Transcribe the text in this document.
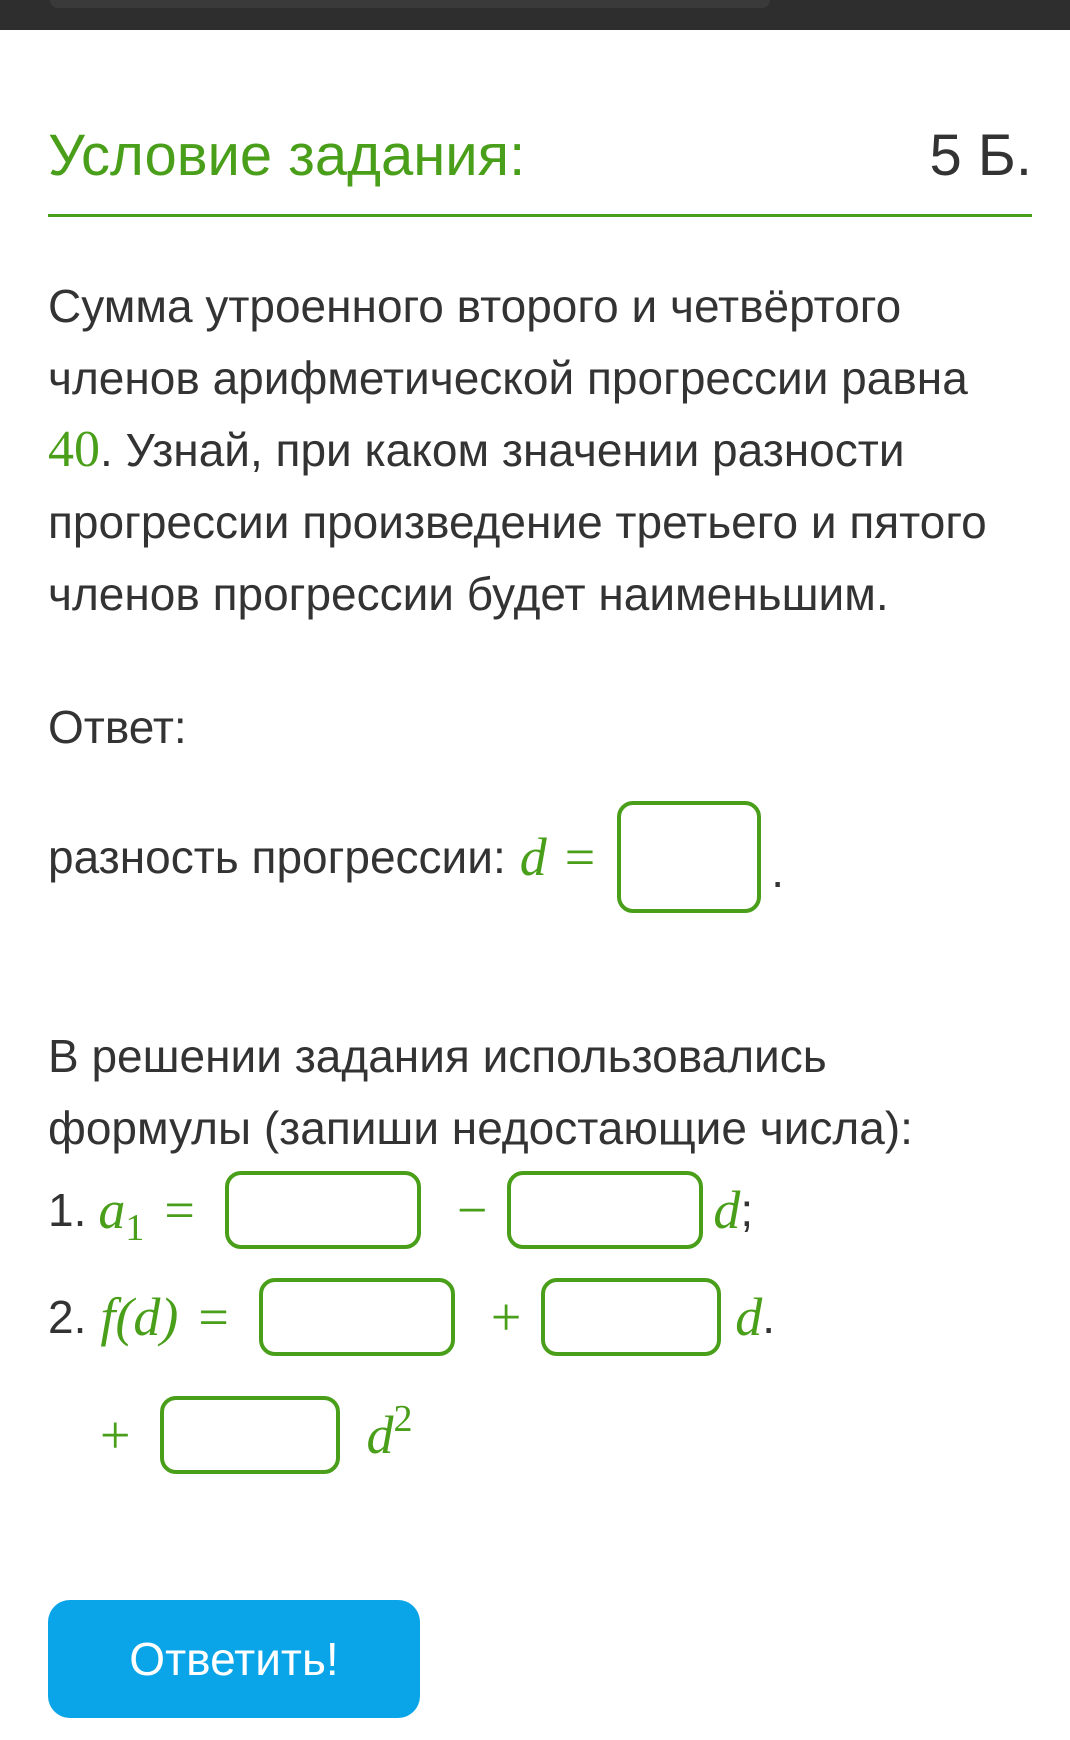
Условие задания:	5 Б.
Сумма утроенного второго и четвёртого членов арифметической прогрессии равна 40. Узнай, при каком значении разности прогрессии произведение третьего и пятого членов прогрессии будет наименьшим.
Ответ:
разность прогрессии: d =	.
В решении задания использовались формулы (запиши недостающие числа):
1. $a_1$ =	−	d ;
2. f(d) =	+	d .
+	$d^2$
Ответить!
